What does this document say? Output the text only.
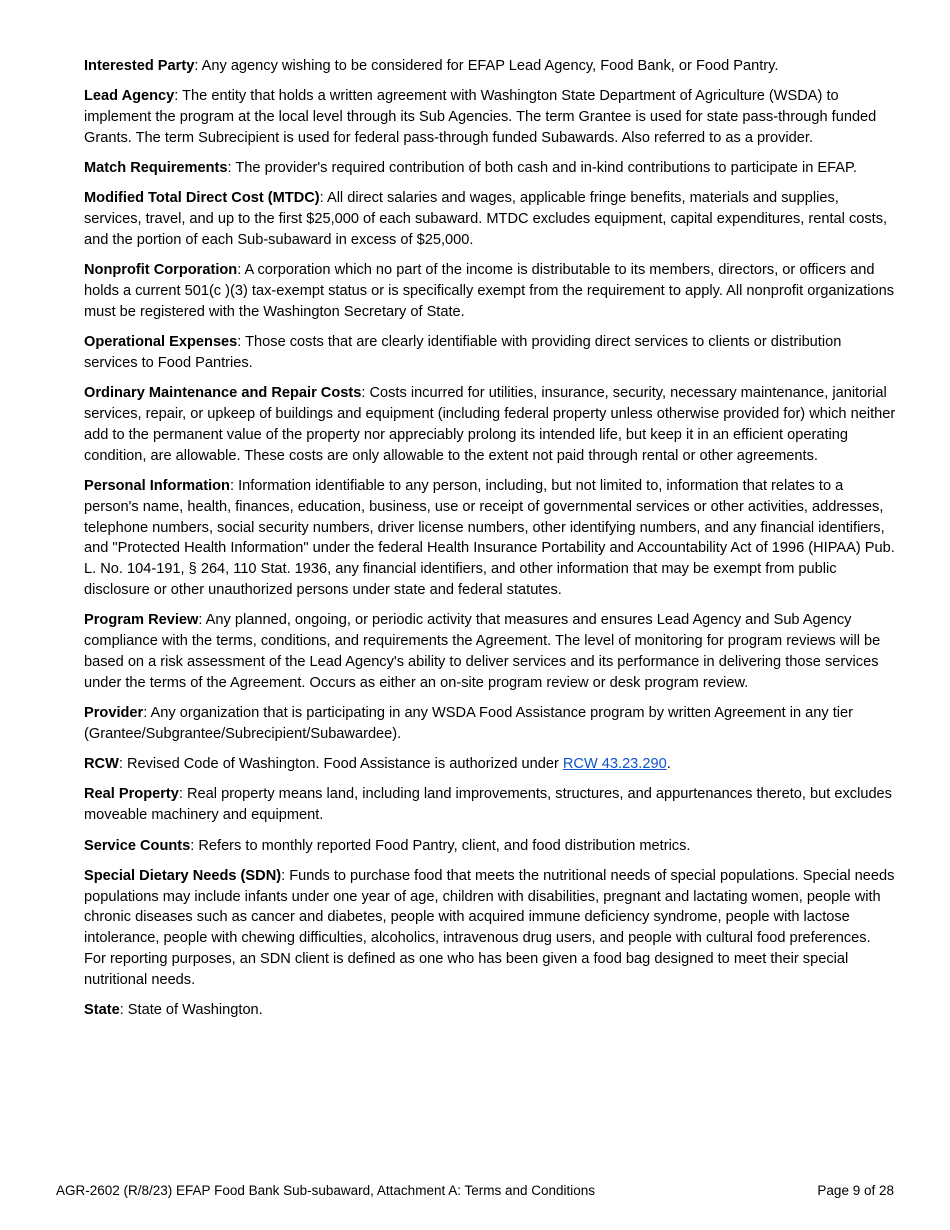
Interested Party: Any agency wishing to be considered for EFAP Lead Agency, Food Bank, or Food Pantry.

Lead Agency: The entity that holds a written agreement with Washington State Department of Agriculture (WSDA) to implement the program at the local level through its Sub Agencies. The term Grantee is used for state pass-through funded Grants. The term Subrecipient is used for federal pass-through funded Subawards. Also referred to as a provider.

Match Requirements: The provider's required contribution of both cash and in-kind contributions to participate in EFAP.

Modified Total Direct Cost (MTDC): All direct salaries and wages, applicable fringe benefits, materials and supplies, services, travel, and up to the first $25,000 of each subaward. MTDC excludes equipment, capital expenditures, rental costs, and the portion of each Sub-subaward in excess of $25,000.

Nonprofit Corporation: A corporation which no part of the income is distributable to its members, directors, or officers and holds a current 501(c )(3) tax-exempt status or is specifically exempt from the requirement to apply. All nonprofit organizations must be registered with the Washington Secretary of State.

Operational Expenses: Those costs that are clearly identifiable with providing direct services to clients or distribution services to Food Pantries.

Ordinary Maintenance and Repair Costs: Costs incurred for utilities, insurance, security, necessary maintenance, janitorial services, repair, or upkeep of buildings and equipment (including federal property unless otherwise provided for) which neither add to the permanent value of the property nor appreciably prolong its intended life, but keep it in an efficient operating condition, are allowable. These costs are only allowable to the extent not paid through rental or other agreements.

Personal Information: Information identifiable to any person, including, but not limited to, information that relates to a person's name, health, finances, education, business, use or receipt of governmental services or other activities, addresses, telephone numbers, social security numbers, driver license numbers, other identifying numbers, and any financial identifiers, and "Protected Health Information" under the federal Health Insurance Portability and Accountability Act of 1996 (HIPAA) Pub. L. No. 104-191, § 264, 110 Stat. 1936, any financial identifiers, and other information that may be exempt from public disclosure or other unauthorized persons under state and federal statutes.

Program Review: Any planned, ongoing, or periodic activity that measures and ensures Lead Agency and Sub Agency compliance with the terms, conditions, and requirements the Agreement. The level of monitoring for program reviews will be based on a risk assessment of the Lead Agency's ability to deliver services and its performance in delivering those services under the terms of the Agreement. Occurs as either an on-site program review or desk program review.

Provider: Any organization that is participating in any WSDA Food Assistance program by written Agreement in any tier (Grantee/Subgrantee/Subrecipient/Subawardee).

RCW: Revised Code of Washington. Food Assistance is authorized under RCW 43.23.290.

Real Property: Real property means land, including land improvements, structures, and appurtenances thereto, but excludes moveable machinery and equipment.

Service Counts: Refers to monthly reported Food Pantry, client, and food distribution metrics.

Special Dietary Needs (SDN): Funds to purchase food that meets the nutritional needs of special populations. Special needs populations may include infants under one year of age, children with disabilities, pregnant and lactating women, people with chronic diseases such as cancer and diabetes, people with acquired immune deficiency syndrome, people with lactose intolerance, people with chewing difficulties, alcoholics, intravenous drug users, and people with cultural food preferences. For reporting purposes, an SDN client is defined as one who has been given a food bag designed to meet their special nutritional needs.

State: State of Washington.

AGR-2602 (R/8/23) EFAP Food Bank Sub-subaward, Attachment A: Terms and Conditions	Page 9 of 28
